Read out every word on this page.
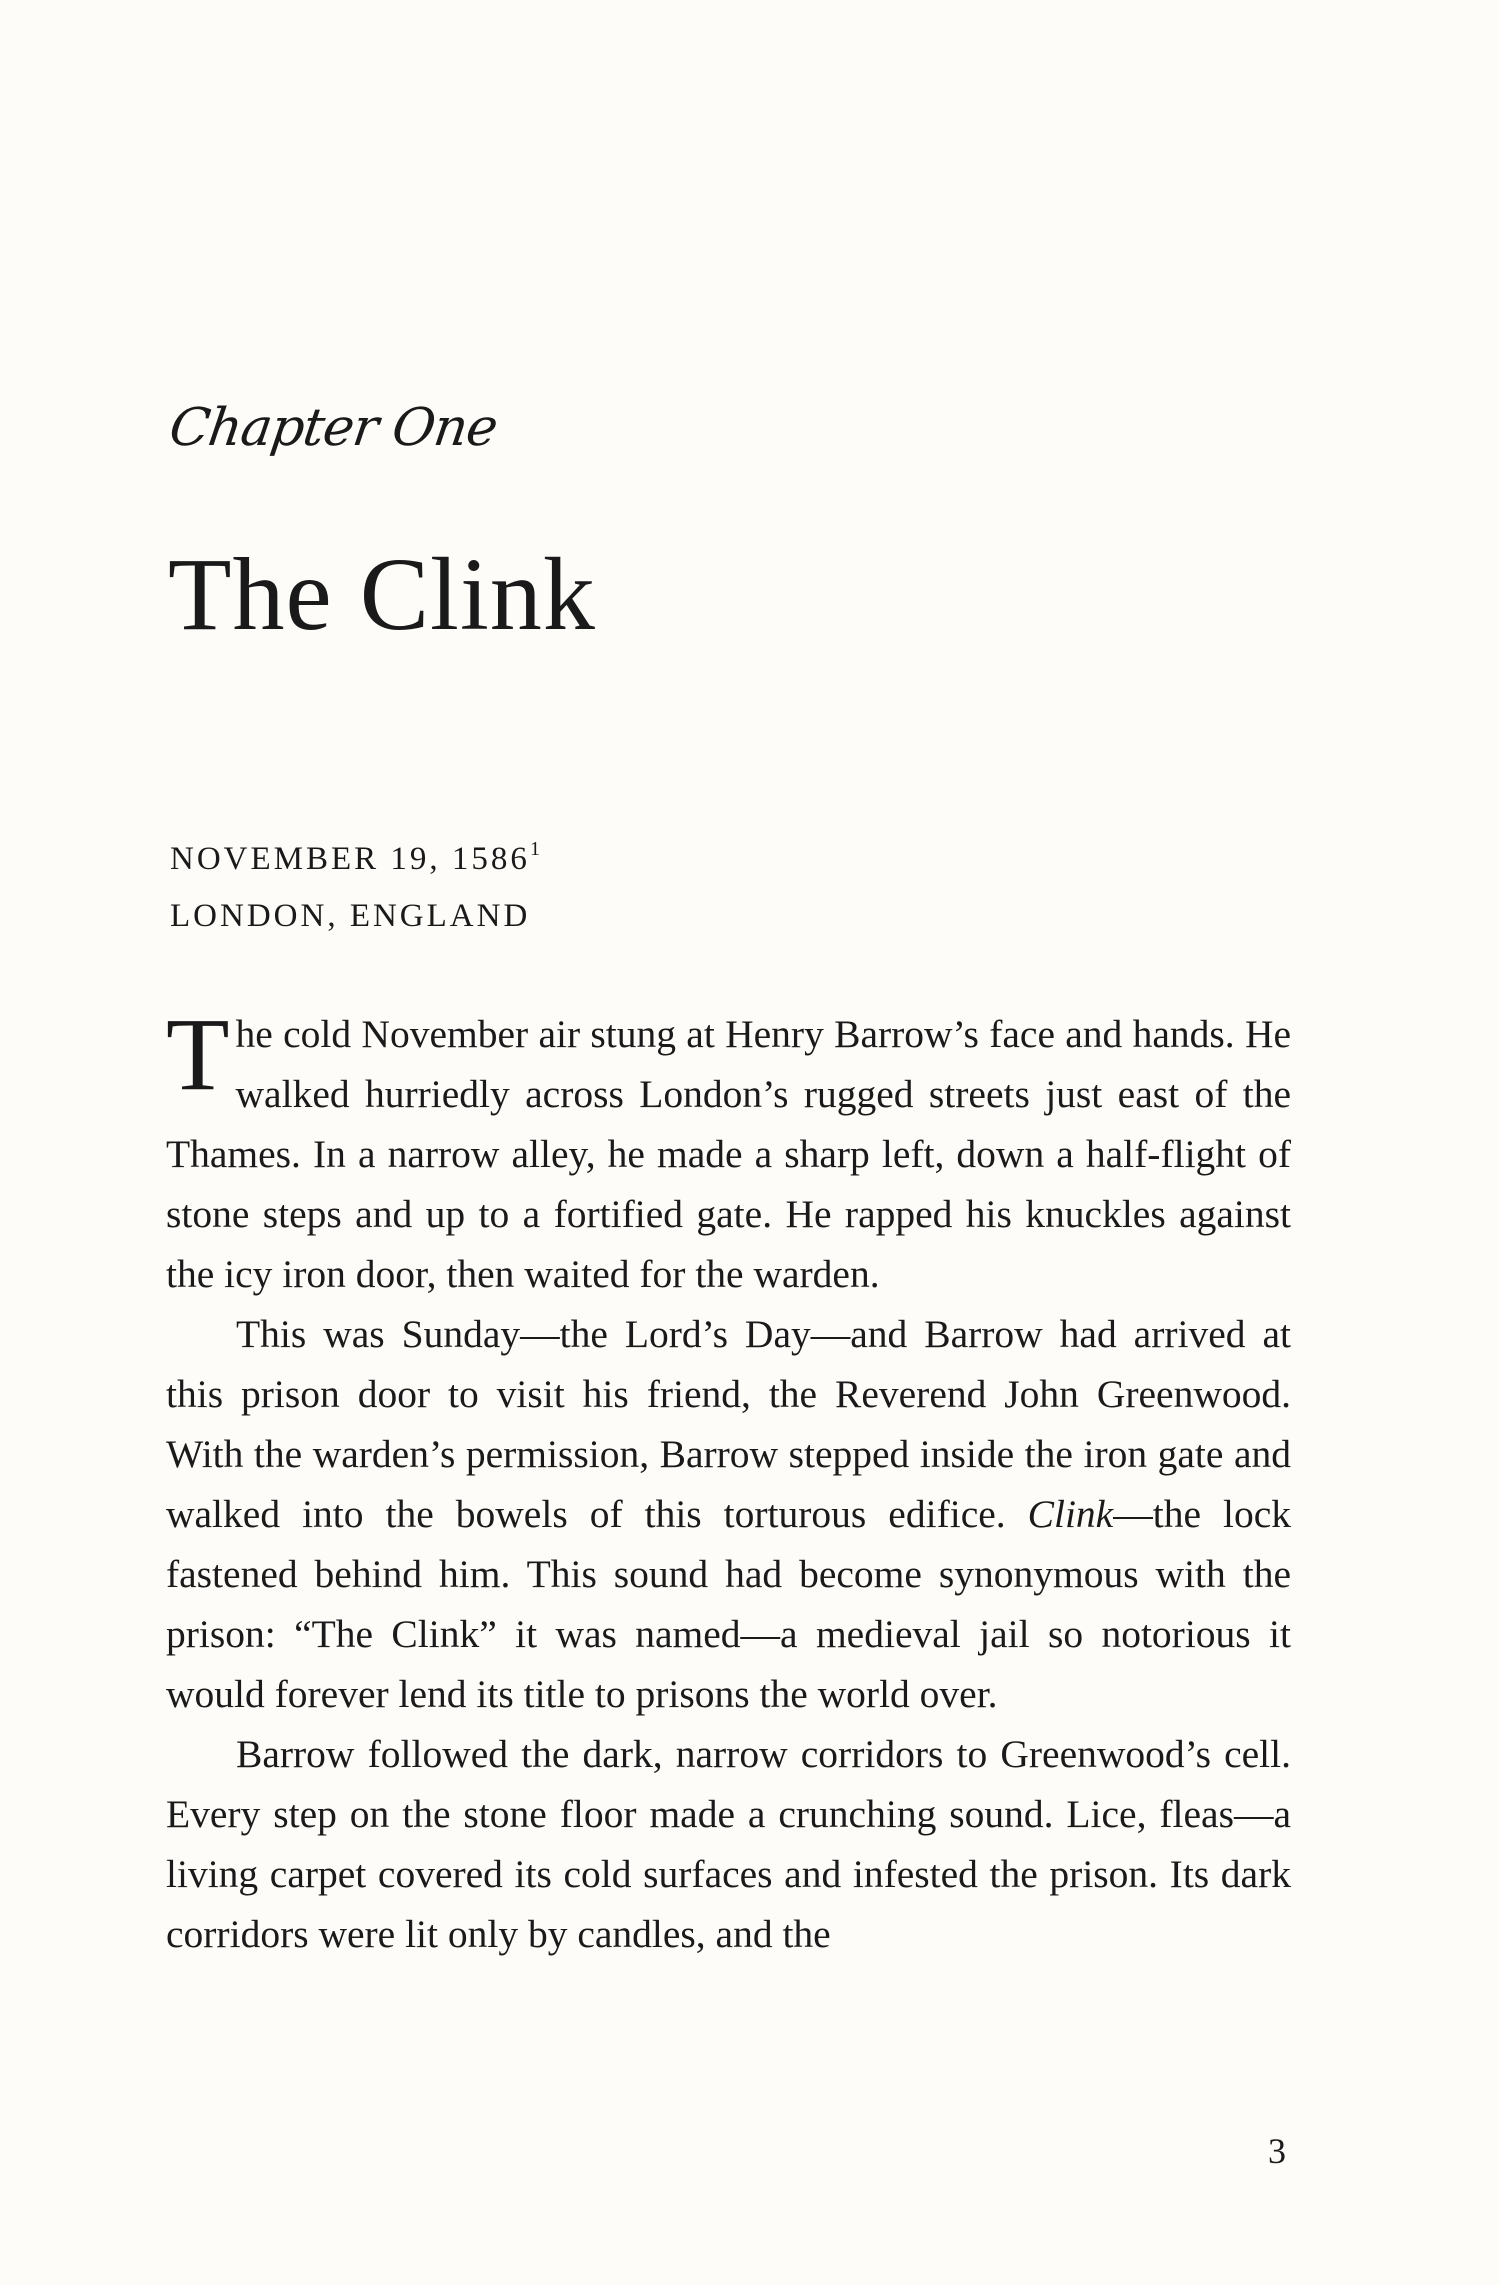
Chapter One
The Clink
NOVEMBER 19, 1586$^1$
LONDON, ENGLAND

The cold November air stung at Henry Barrow’s face and hands. He walked hurriedly across London’s rugged streets just east of the Thames. In a narrow alley, he made a sharp left, down a half-flight of stone steps and up to a fortified gate. He rapped his knuckles against the icy iron door, then waited for the warden.

This was Sunday—the Lord’s Day—and Barrow had arrived at this prison door to visit his friend, the Reverend John Greenwood. With the warden’s permission, Barrow stepped inside the iron gate and walked into the bowels of this torturous edifice. Clink—the lock fastened behind him. This sound had become synonymous with the prison: “The Clink” it was named—a medieval jail so notorious it would forever lend its title to prisons the world over.

Barrow followed the dark, narrow corridors to Greenwood’s cell. Every step on the stone floor made a crunching sound. Lice, fleas—a living carpet covered its cold surfaces and infested the prison. Its dark corridors were lit only by candles, and the

3
